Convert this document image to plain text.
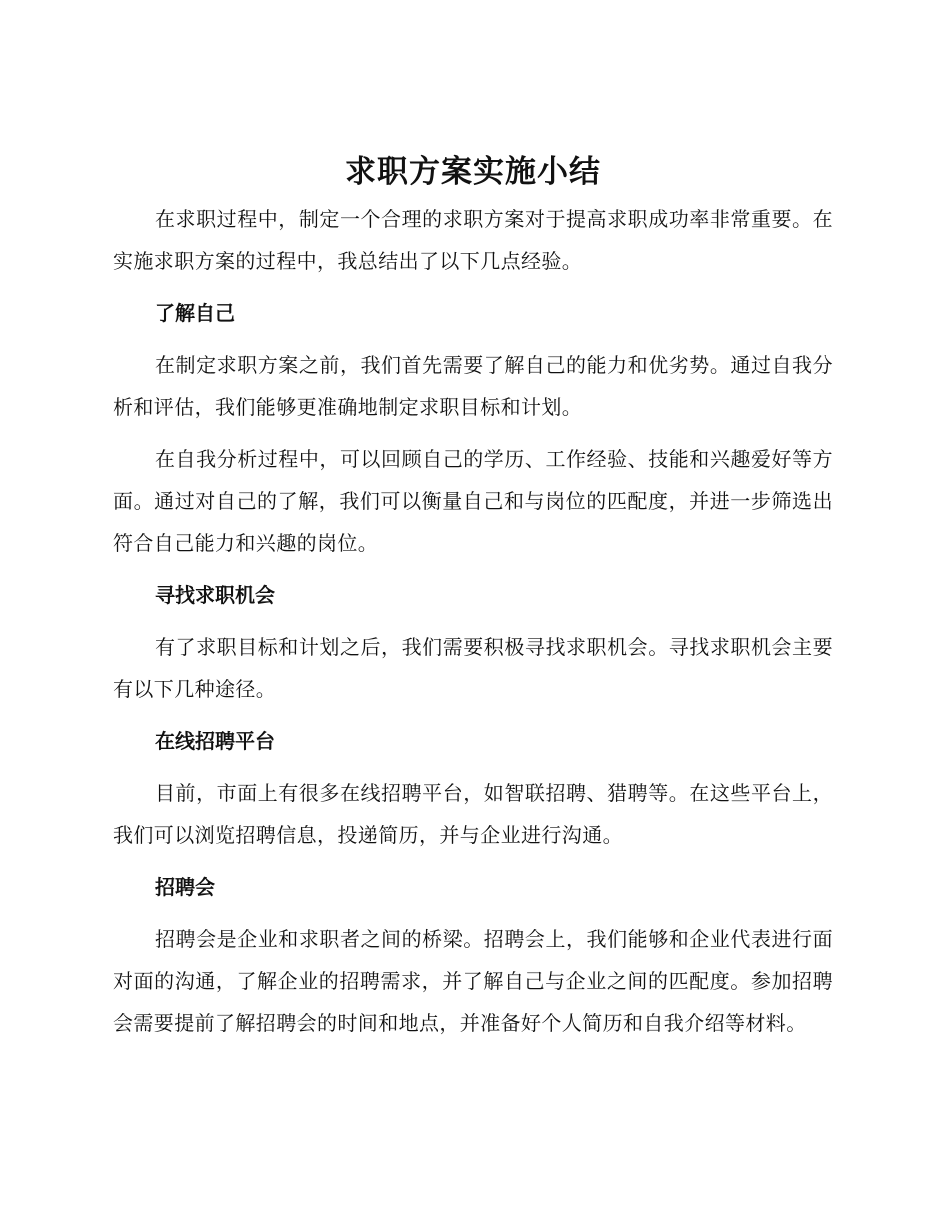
求职方案实施小结

在求职过程中，制定一个合理的求职方案对于提高求职成功率非常重要。在实施求职方案的过程中，我总结出了以下几点经验。

了解自己

在制定求职方案之前，我们首先需要了解自己的能力和优劣势。通过自我分析和评估，我们能够更准确地制定求职目标和计划。

在自我分析过程中，可以回顾自己的学历、工作经验、技能和兴趣爱好等方面。通过对自己的了解，我们可以衡量自己和与岗位的匹配度，并进一步筛选出符合自己能力和兴趣的岗位。

寻找求职机会

有了求职目标和计划之后，我们需要积极寻找求职机会。寻找求职机会主要有以下几种途径。

在线招聘平台

目前，市面上有很多在线招聘平台，如智联招聘、猎聘等。在这些平台上，我们可以浏览招聘信息，投递简历，并与企业进行沟通。

招聘会

招聘会是企业和求职者之间的桥梁。招聘会上，我们能够和企业代表进行面对面的沟通，了解企业的招聘需求，并了解自己与企业之间的匹配度。参加招聘会需要提前了解招聘会的时间和地点，并准备好个人简历和自我介绍等材料。
